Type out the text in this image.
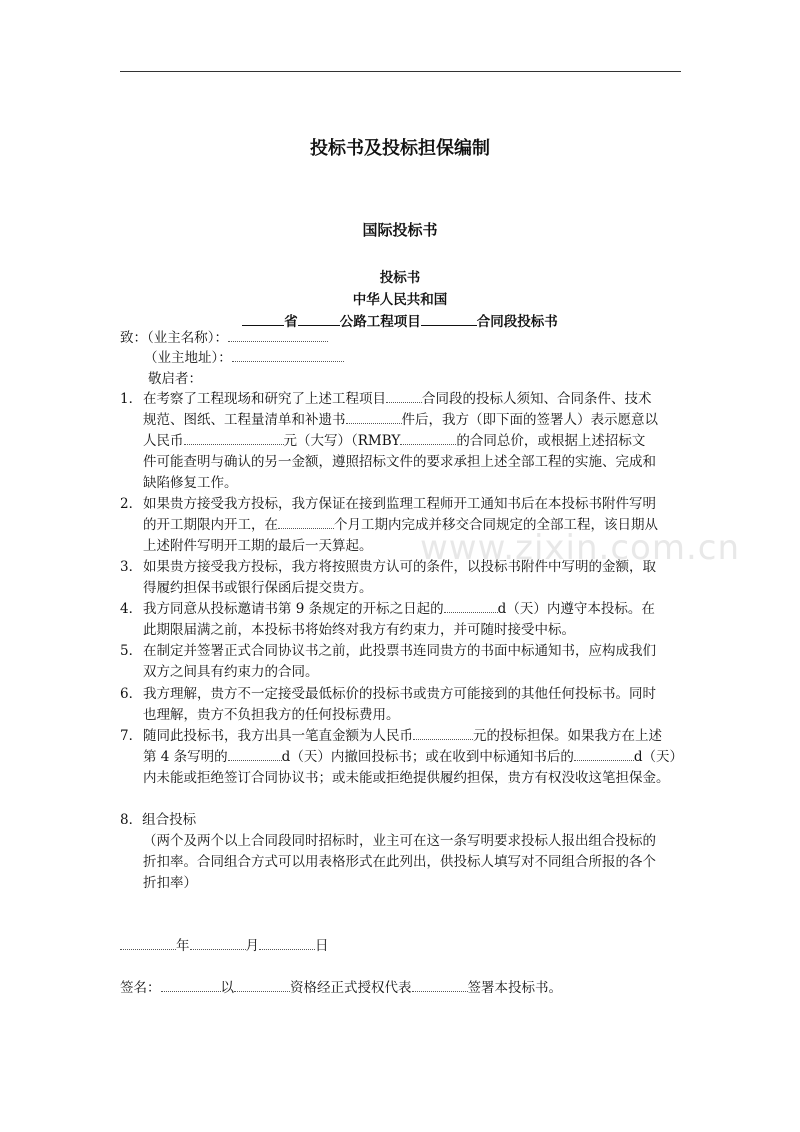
www.zixin.com.cn
投标书及投标担保编制
国际投标书
投标书
中华人民共和国
省	公路工程项目	合同段投标书
致：（业主名称）：
（业主地址）：
敬启者：
1． 在考察了工程现场和研究了上述工程项目	合同段的投标人须知、合同条件、技术
规范、图纸、工程量清单和补遗书	件后，我方（即下面的签署人）表示愿意以
人民币	元（大写）（RMBY	的合同总价，或根据上述招标文
件可能查明与确认的另一金额，遵照招标文件的要求承担上述全部工程的实施、完成和
缺陷修复工作。
2． 如果贵方接受我方投标，我方保证在接到监理工程师开工通知书后在本投标书附件写明
的开工期限内开工，在	个月工期内完成并移交合同规定的全部工程，该日期从
上述附件写明开工期的最后一天算起。
3． 如果贵方接受我方投标，我方将按照贵方认可的条件，以投标书附件中写明的金额，取
得履约担保书或银行保函后提交贵方。
4． 我方同意从投标邀请书第 9 条规定的开标之日起的	d（天）内遵守本投标。在
此期限届满之前，本投标书将始终对我方有约束力，并可随时接受中标。
5． 在制定并签署正式合同协议书之前，此投票书连同贵方的书面中标通知书，应构成我们
双方之间具有约束力的合同。
6． 我方理解，贵方不一定接受最低标价的投标书或贵方可能接到的其他任何投标书。同时
也理解，贵方不负担我方的任何投标费用。
7． 随同此投标书，我方出具一笔直金额为人民币	元的投标担保。如果我方在上述
第 4 条写明的	d（天）内撤回投标书；或在收到中标通知书后的	d（天）
内未能或拒绝签订合同协议书；或未能或拒绝提供履约担保，贵方有权没收这笔担保金。
8．组合投标
（两个及两个以上合同段同时招标时，业主可在这一条写明要求投标人报出组合投标的
折扣率。合同组合方式可以用表格形式在此列出，供投标人填写对不同组合所报的各个
折扣率）
年	月	日
签名：	以	资格经正式授权代表	签署本投标书。
